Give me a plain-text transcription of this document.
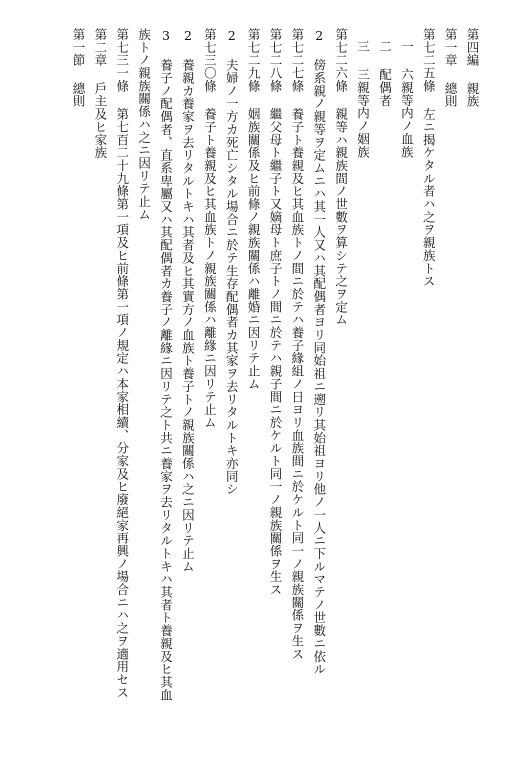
第四編 親族
第一章 總則
第七二五條 左ニ揭ケタル者ハ之ヲ親族トス
一 六親等内ノ血族
二 配偶者
三 三親等内ノ姻族
第七二六條 親等ハ親族間ノ世數ヲ算シテ之ヲ定ム
2 傍系親ノ親等ヲ定ムニハ其一人又ハ其配偶者ヨリ同始祖ニ遡リ其始祖ヨリ他ノ一人ニ下ルマテノ世數ニ依ル
第七二七條 養子ト養親及ヒ其血族トノ間ニ於テハ養子緣組ノ日ヨリ血族間ニ於ケルト同一ノ親族關係ヲ生ス
第七二八條 繼父母ト繼子ト又嫡母ト庶子トノ間ニ於テハ親子間ニ於ケルト同一ノ親族關係ヲ生ス
第七二九條 姻族關係及ヒ前條ノ親族關係ハ離婚ニ因リテ止ム
2 夫婦ノ一方カ死亡シタル場合ニ於テ生存配偶者カ其家ヲ去リタルトキ亦同シ
第七三〇條 養子ト養親及ヒ其血族トノ親族關係ハ離緣ニ因リテ止ム
2 養親カ養家ヲ去リタルトキハ其者及ヒ其實方ノ血族ト養子トノ親族關係ハ之ニ因リテ止ム
3 養子ノ配偶者、直系卑屬又ハ其配偶者カ養子ノ離緣ニ因リテ之ト共ニ養家ヲ去リタルトキハ其者ト養親及ヒ其血
族トノ親族關係ハ之ニ因リテ止ム
第七三一條 第七百二十九條第一項及ヒ前條第一項ノ規定ハ本家相續、分家及ヒ廢絕家再興ノ場合ニハ之ヲ適用セス
第二章 戶主及ヒ家族
第一節 總則
